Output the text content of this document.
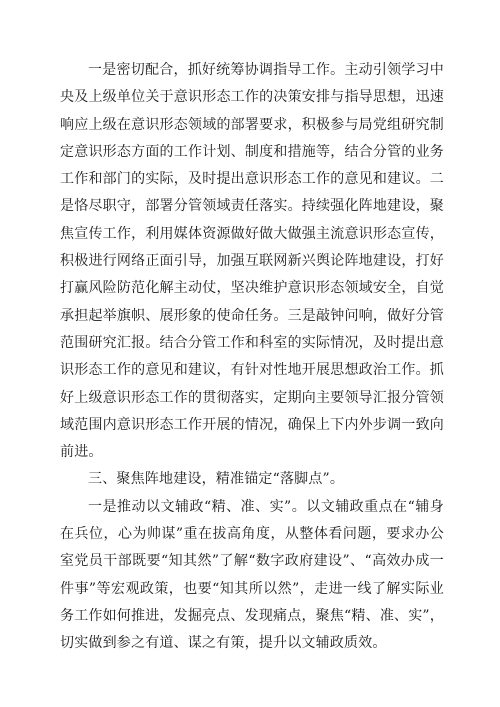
一是密切配合，抓好统筹协调指导工作。主动引领学习中央及上级单位关于意识形态工作的决策安排与指导思想，迅速响应上级在意识形态领域的部署要求，积极参与局党组研究制定意识形态方面的工作计划、制度和措施等，结合分管的业务工作和部门的实际，及时提出意识形态工作的意见和建议。二是恪尽职守，部署分管领域责任落实。持续强化阵地建设，聚焦宣传工作，利用媒体资源做好做大做强主流意识形态宣传，积极进行网络正面引导，加强互联网新兴舆论阵地建设，打好打赢风险防范化解主动仗，坚决维护意识形态领域安全，自觉承担起举旗帜、展形象的使命任务。三是敲钟问响，做好分管范围研究汇报。结合分管工作和科室的实际情况，及时提出意识形态工作的意见和建议，有针对性地开展思想政治工作。抓好上级意识形态工作的贯彻落实，定期向主要领导汇报分管领域范围内意识形态工作开展的情况，确保上下内外步调一致向前进。

三、聚焦阵地建设，精准锚定“落脚点”。

一是推动以文辅政“精、准、实”。以文辅政重点在“辅身在兵位，心为帅谋”重在拔高角度，从整体看问题，要求办公室党员干部既要“知其然”了解“数字政府建设”、“高效办成一件事”等宏观政策，也要“知其所以然”，走进一线了解实际业务工作如何推进，发掘亮点、发现痛点，聚焦“精、准、实”，切实做到参之有道、谋之有策，提升以文辅政质效。
